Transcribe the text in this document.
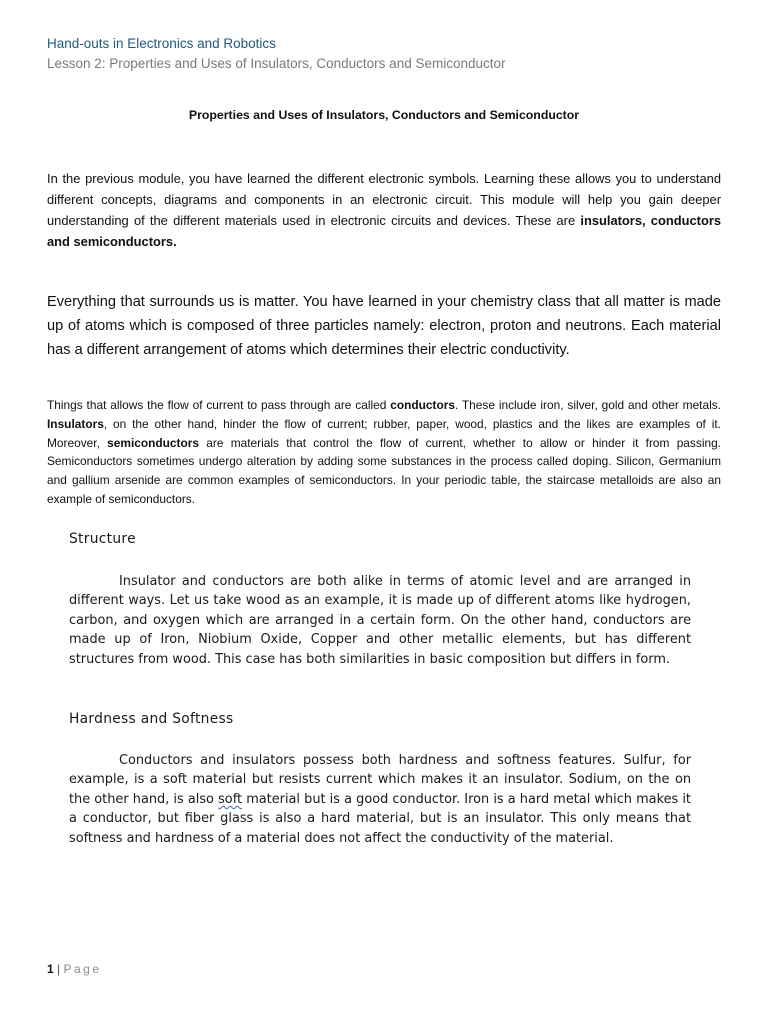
Hand-outs in Electronics and Robotics
Lesson 2: Properties and Uses of Insulators, Conductors and Semiconductor
Properties and Uses of Insulators, Conductors and Semiconductor
In the previous module, you have learned the different electronic symbols. Learning these allows you to understand different concepts, diagrams and components in an electronic circuit. This module will help you gain deeper understanding of the different materials used in electronic circuits and devices. These are insulators, conductors and semiconductors.
Everything that surrounds us is matter. You have learned in your chemistry class that all matter is made up of atoms which is composed of three particles namely: electron, proton and neutrons. Each material has a different arrangement of atoms which determines their electric conductivity.
Things that allows the flow of current to pass through are called conductors. These include iron, silver, gold and other metals. Insulators, on the other hand, hinder the flow of current; rubber, paper, wood, plastics and the likes are examples of it. Moreover, semiconductors are materials that control the flow of current, whether to allow or hinder it from passing. Semiconductors sometimes undergo alteration by adding some substances in the process called doping. Silicon, Germanium and gallium arsenide are common examples of semiconductors. In your periodic table, the staircase metalloids are also an example of semiconductors.
Structure
Insulator and conductors are both alike in terms of atomic level and are arranged in different ways. Let us take wood as an example, it is made up of different atoms like hydrogen, carbon, and oxygen which are arranged in a certain form. On the other hand, conductors are made up of Iron, Niobium Oxide, Copper and other metallic elements, but has different structures from wood. This case has both similarities in basic composition but differs in form.
Hardness and Softness
Conductors and insulators possess both hardness and softness features. Sulfur, for example, is a soft material but resists current which makes it an insulator. Sodium, on the on the other hand, is also soft material but is a good conductor. Iron is a hard metal which makes it a conductor, but fiber glass is also a hard material, but is an insulator. This only means that softness and hardness of a material does not affect the conductivity of the material.
1 | Page
